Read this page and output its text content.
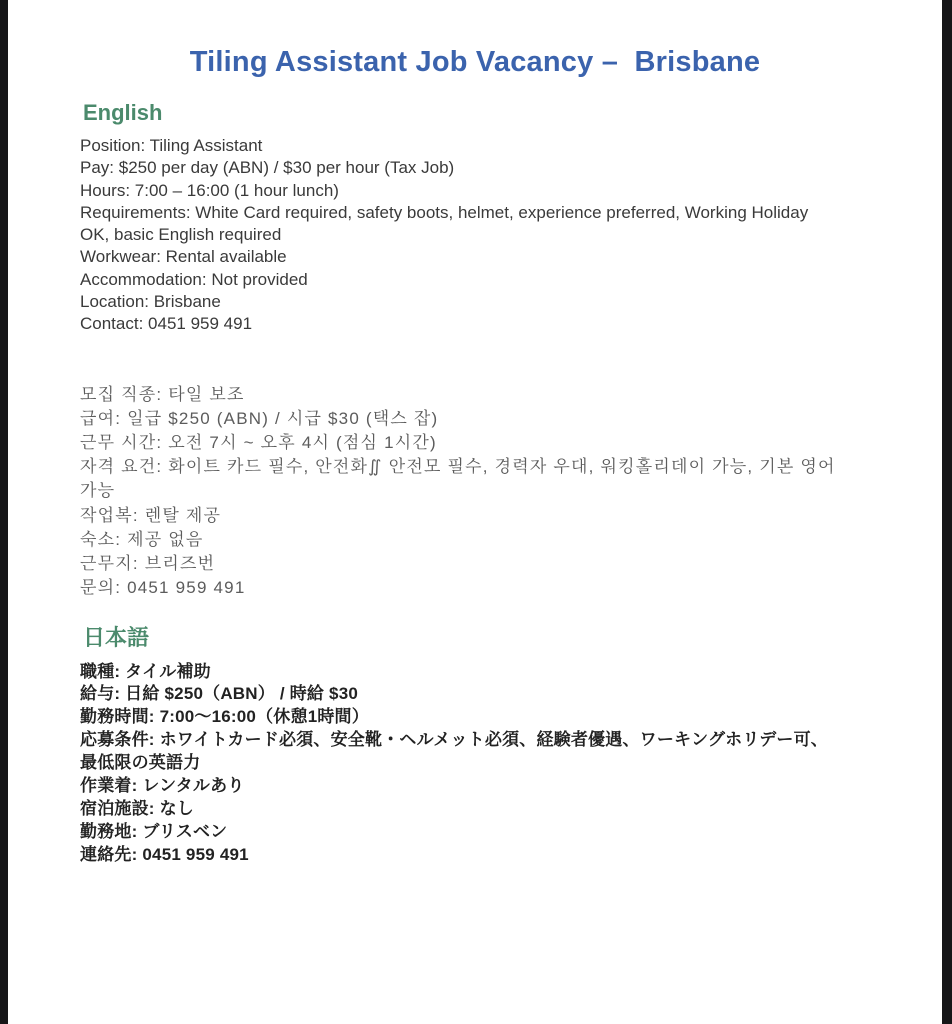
Tiling Assistant Job Vacancy –  Brisbane
English
Position: Tiling Assistant
Pay: $250 per day (ABN) / $30 per hour (Tax Job)
Hours: 7:00 – 16:00 (1 hour lunch)
Requirements: White Card required, safety boots, helmet, experience preferred, Working Holiday
OK, basic English required
Workwear: Rental available
Accommodation: Not provided
Location: Brisbane
Contact: 0451 959 491
모집 직종: 타일 보조
급여: 일급 $250 (ABN) / 시급 $30 (택스 잡)
근무 시간: 오전 7시 ~ 오후 4시 (점심 1시간)
자격 요건: 화이트 카드 필수, 안전화∬ 안전모 필수, 경력자 우대, 워킹홀리데이 가능, 기본 영어
가능
작업복: 렌탈 제공
숙소: 제공 없음
근무지: 브리즈번
문의: 0451 959 491
日本語
職種: タイル補助
給与: 日給 $250（ABN） / 時給 $30
勤務時間: 7:00～16:00（休憩1時間）
応募条件: ホワイトカード必須、安全靴・ヘルメット必須、経験者優遇、ワーキングホリデー可、
最低限の英語力
作業着: レンタルあり
宿泊施設: なし
勤務地: ブリスベン
連絡先: 0451 959 491
